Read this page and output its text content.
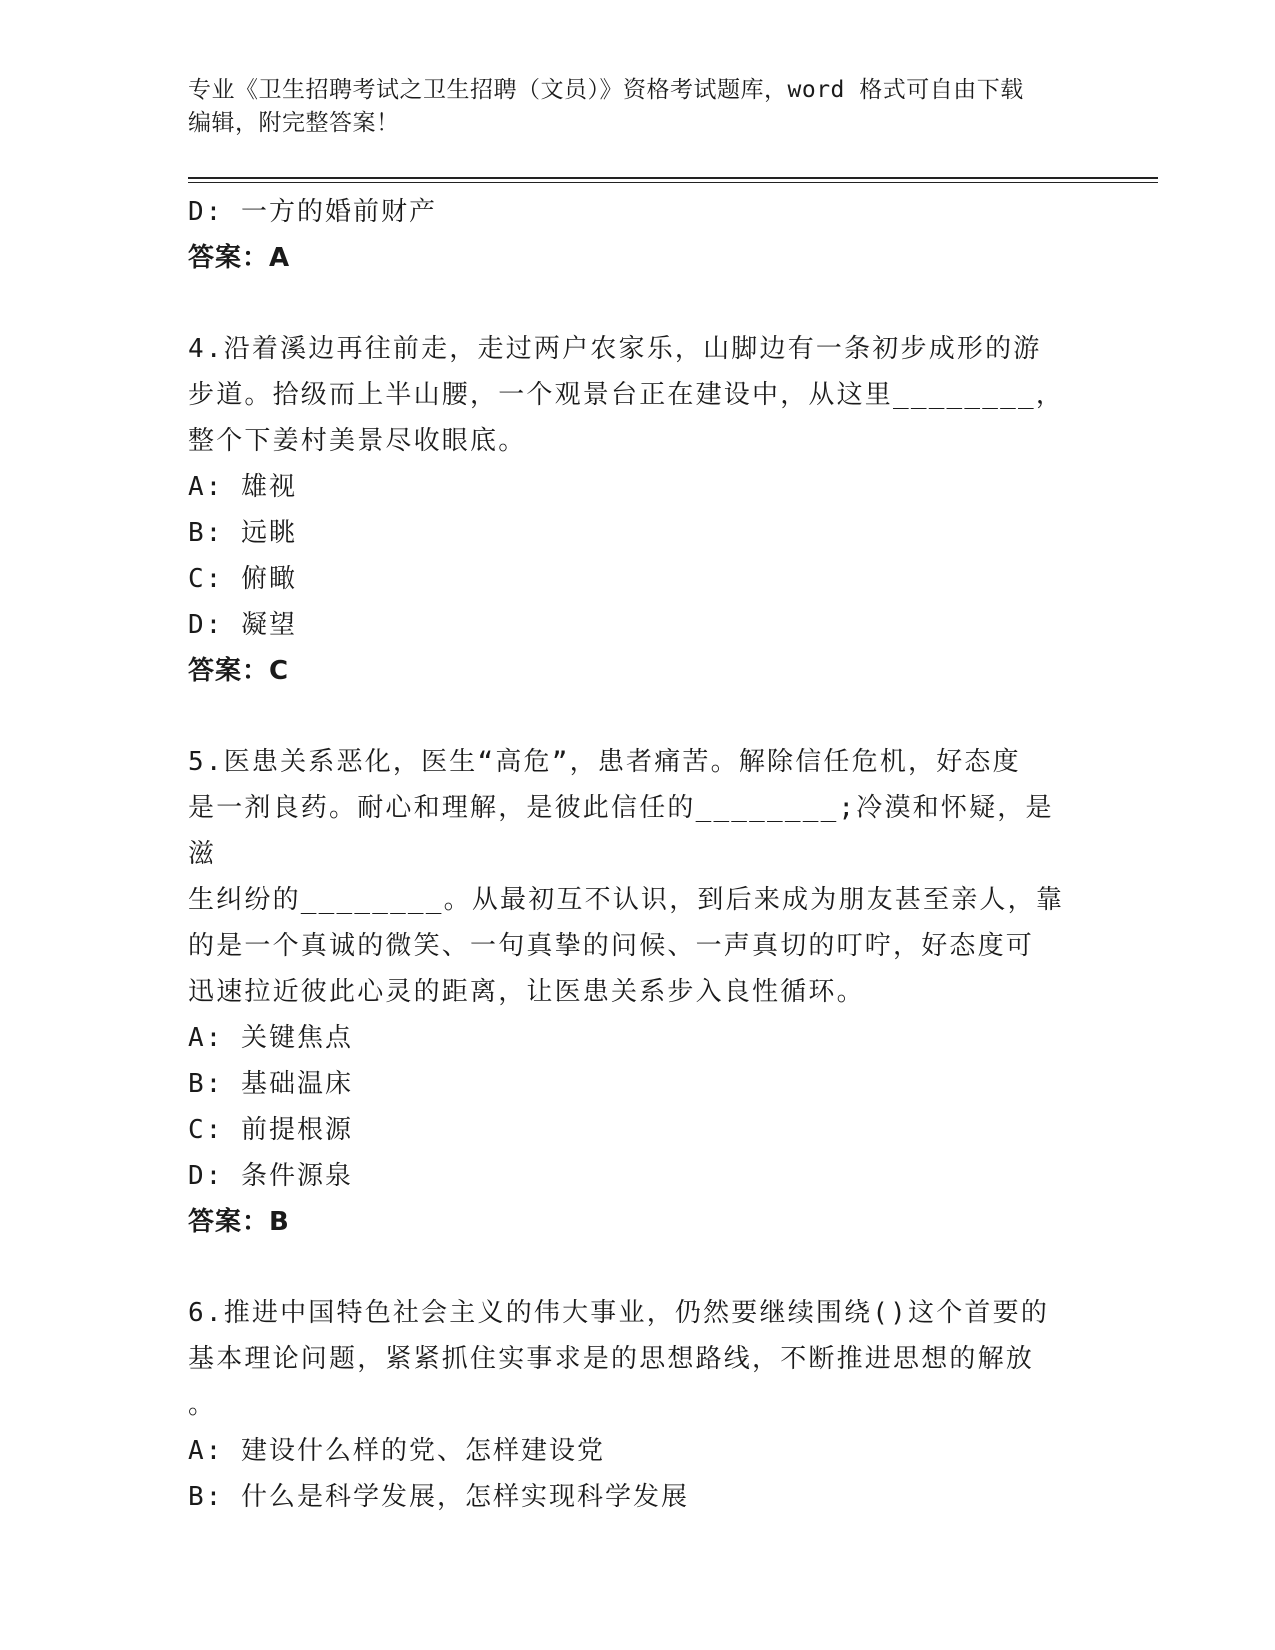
专业《卫生招聘考试之卫生招聘（文员）》资格考试题库，word 格式可自由下载
编辑，附完整答案！
D: 一方的婚前财产
答案：A
4.沿着溪边再往前走，走过两户农家乐，山脚边有一条初步成形的游
步道。拾级而上半山腰，一个观景台正在建设中，从这里________，
整个下姜村美景尽收眼底。
A: 雄视
B: 远眺
C: 俯瞰
D: 凝望
答案：C
5.医患关系恶化，医生“高危”，患者痛苦。解除信任危机，好态度
是一剂良药。耐心和理解，是彼此信任的________;冷漠和怀疑，是滋
生纠纷的________。从最初互不认识，到后来成为朋友甚至亲人，靠
的是一个真诚的微笑、一句真挚的问候、一声真切的叮咛，好态度可
迅速拉近彼此心灵的距离，让医患关系步入良性循环。
A: 关键焦点
B: 基础温床
C: 前提根源
D: 条件源泉
答案：B
6.推进中国特色社会主义的伟大事业，仍然要继续围绕()这个首要的
基本理论问题，紧紧抓住实事求是的思想路线，不断推进思想的解放
。
A: 建设什么样的党、怎样建设党
B: 什么是科学发展，怎样实现科学发展
